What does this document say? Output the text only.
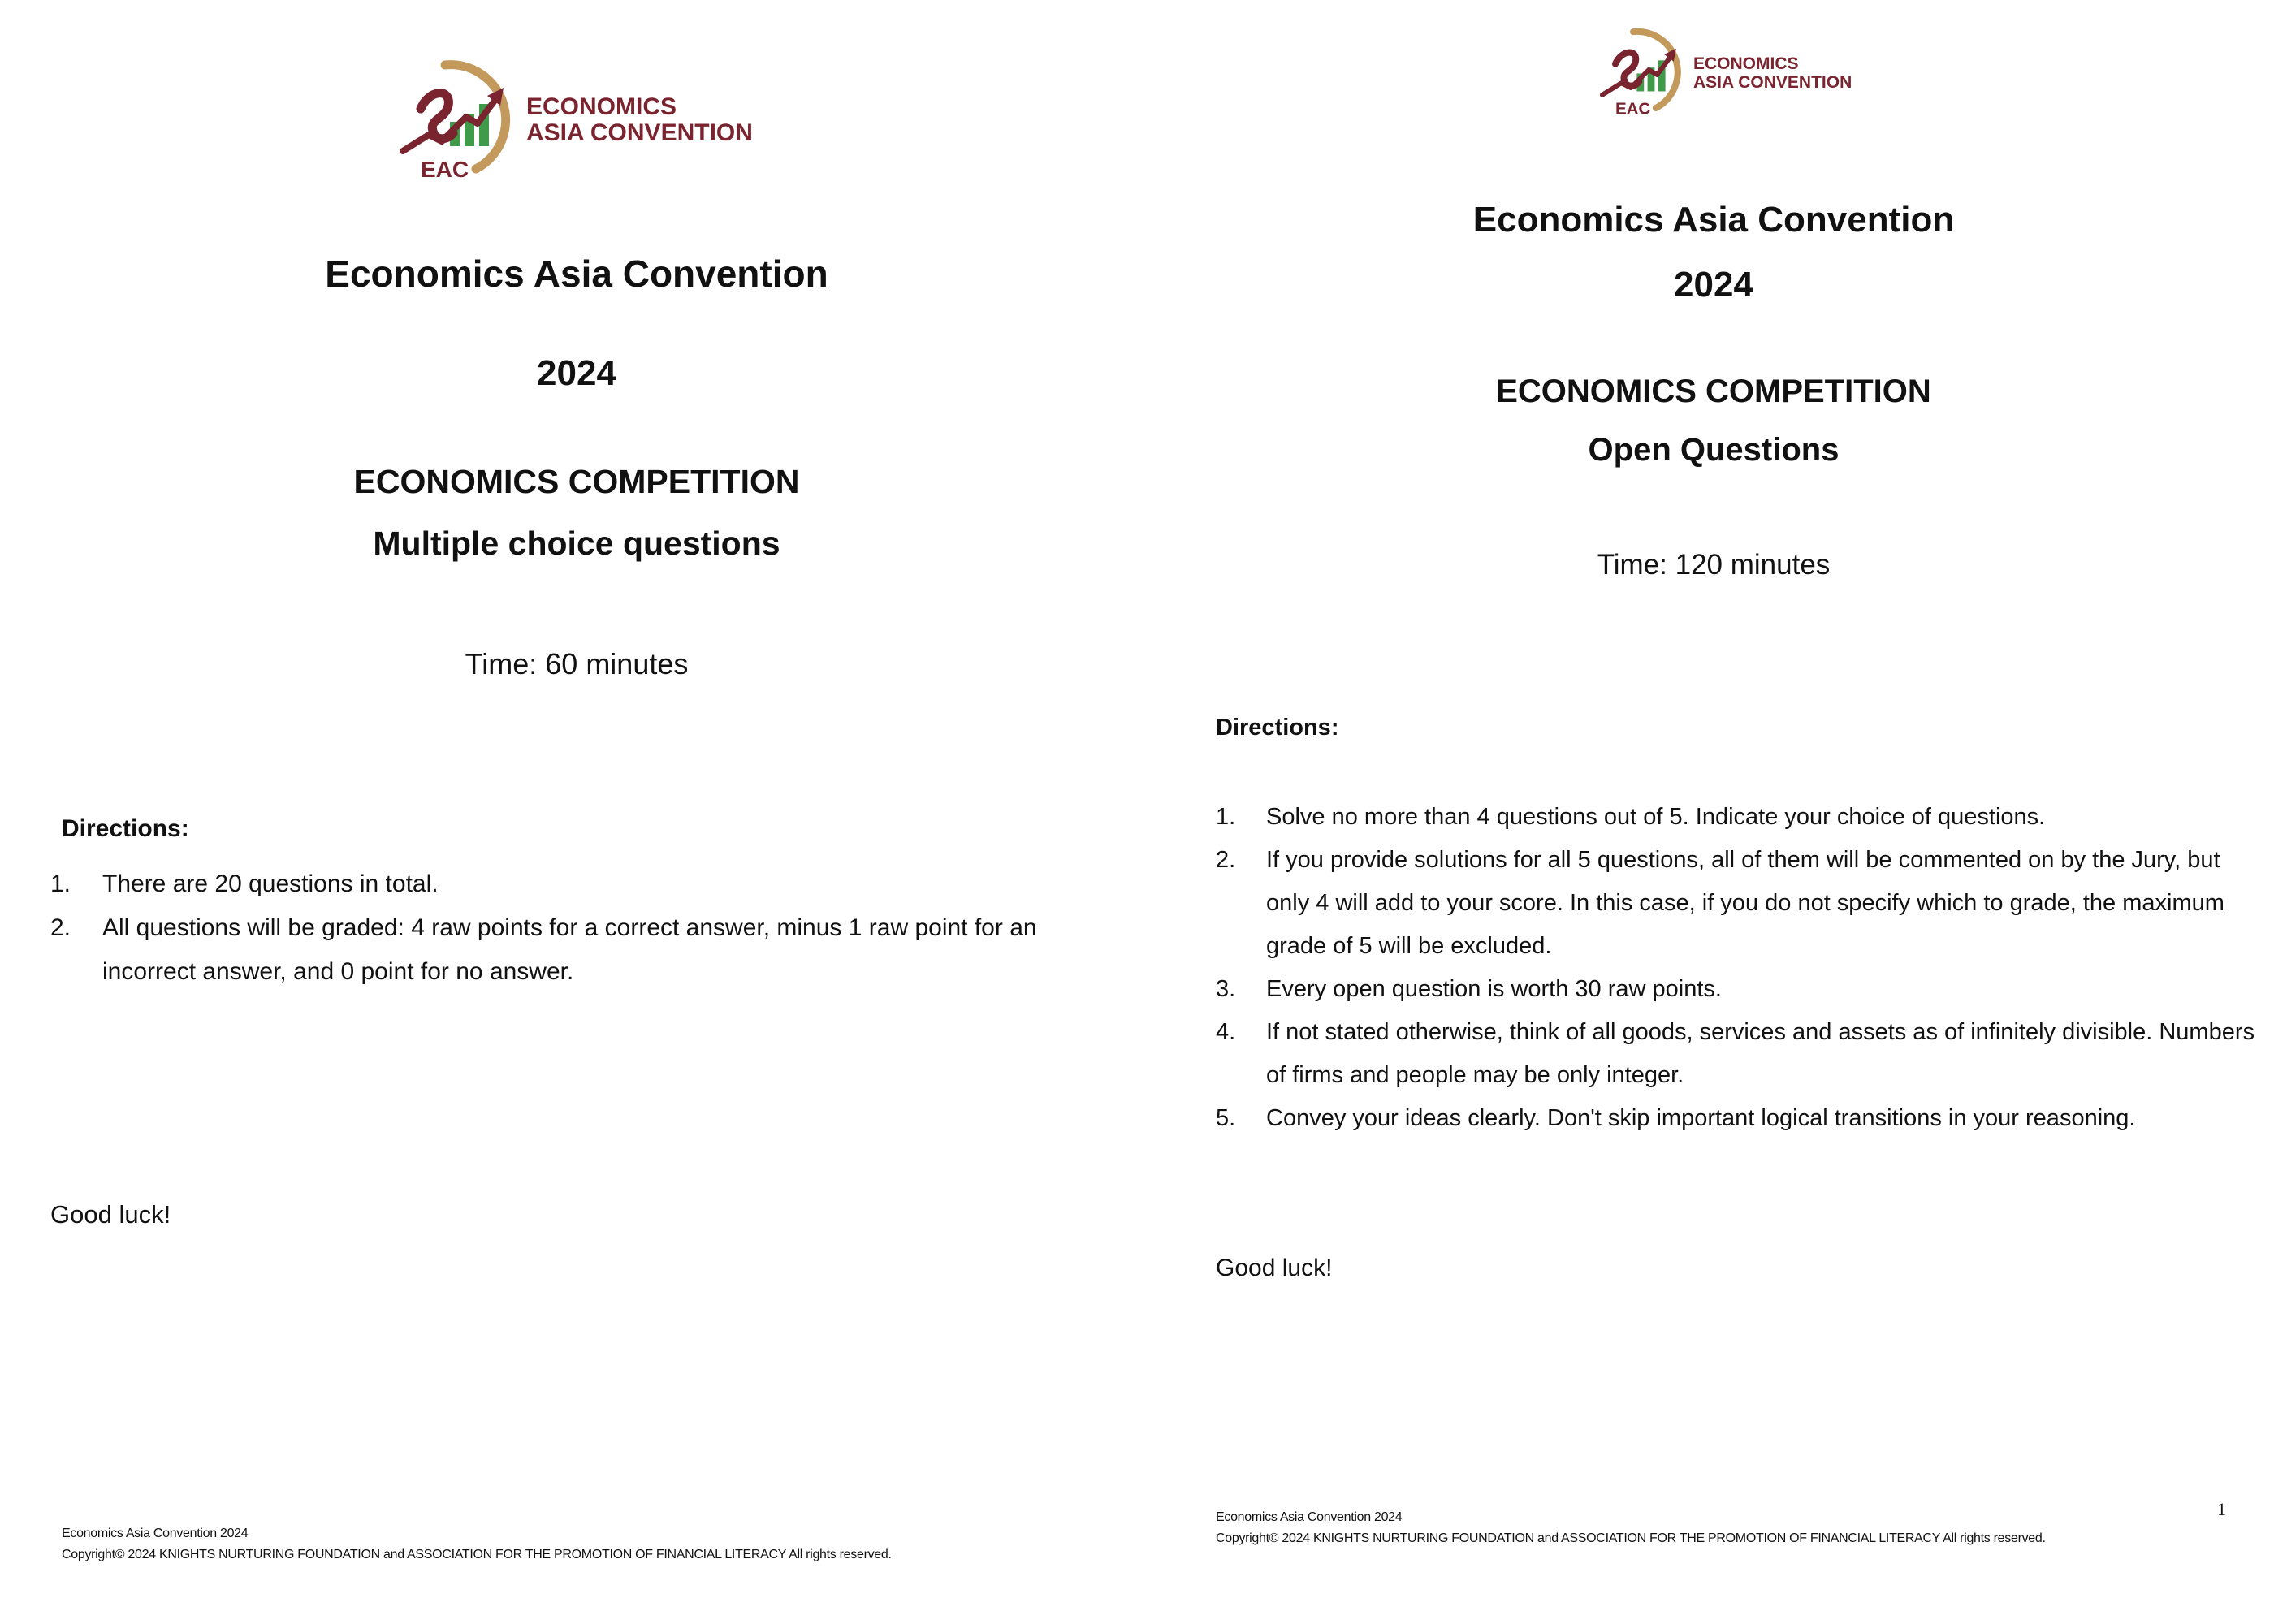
EAC
ECONOMICS
ASIA CONVENTION
Economics Asia Convention
2024
ECONOMICS COMPETITION
Multiple choice questions
Time: 60 minutes
Directions:
1. There are 20 questions in total.
2. All questions will be graded: 4 raw points for a correct answer, minus 1 raw point for an incorrect answer, and 0 point for no answer.
Good luck!
Economics Asia Convention 2024
Copyright© 2024 KNIGHTS NURTURING FOUNDATION and ASSOCIATION FOR THE PROMOTION OF FINANCIAL LITERACY All rights reserved.
EAC
ECONOMICS
ASIA CONVENTION
Economics Asia Convention
2024
ECONOMICS COMPETITION
Open Questions
Time: 120 minutes
Directions:
1. Solve no more than 4 questions out of 5. Indicate your choice of questions.
2. If you provide solutions for all 5 questions, all of them will be commented on by the Jury, but only 4 will add to your score. In this case, if you do not specify which to grade, the maximum grade of 5 will be excluded.
3. Every open question is worth 30 raw points.
4. If not stated otherwise, think of all goods, services and assets as of infinitely divisible. Numbers of firms and people may be only integer.
5. Convey your ideas clearly. Don't skip important logical transitions in your reasoning.
Good luck!
Economics Asia Convention 2024
Copyright© 2024 KNIGHTS NURTURING FOUNDATION and ASSOCIATION FOR THE PROMOTION OF FINANCIAL LITERACY All rights reserved.
1
